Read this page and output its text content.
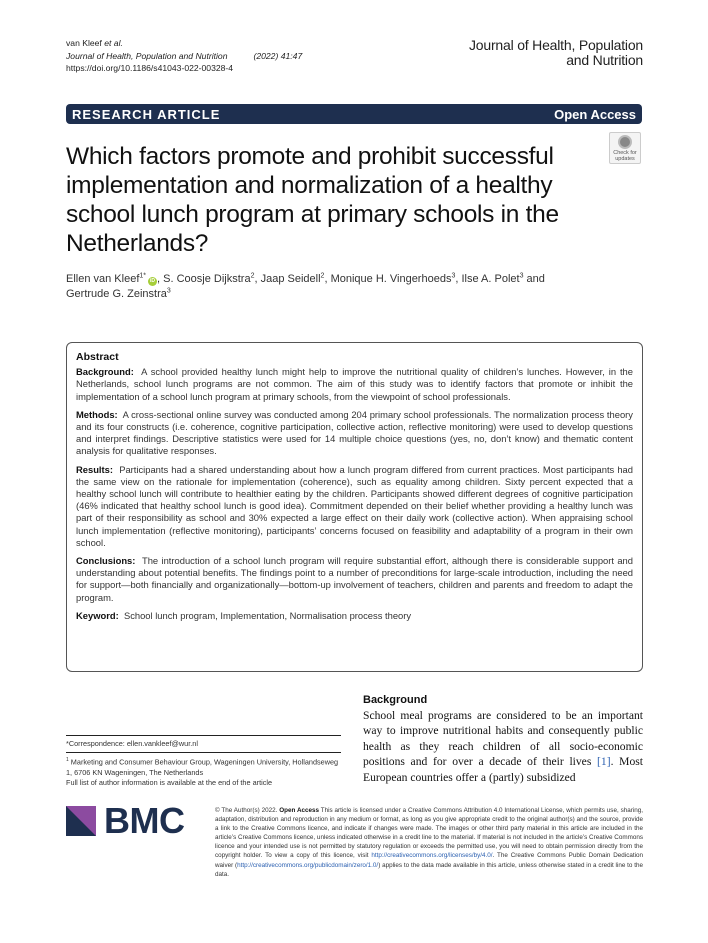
van Kleef et al.
Journal of Health, Population and Nutrition	(2022) 41:47
https://doi.org/10.1186/s41043-022-00328-4
Journal of Health, Population
and Nutrition
RESEARCH ARTICLE	Open Access
Which factors promote and prohibit successful implementation and normalization of a healthy school lunch program at primary schools in the Netherlands?
Check for
updates
Ellen van Kleef$^{1*}$iD , S. Coosje Dijkstra$^2$, Jaap Seidell$^2$, Monique H. Vingerhoeds$^3$, Ilse A. Polet$^3$ and
Gertrude G. Zeinstra$^3$
Abstract

Background: A school provided healthy lunch might help to improve the nutritional quality of children’s lunches. However, in the Netherlands, school lunch programs are not common. The aim of this study was to identify factors that promote or inhibit the implementation of a school lunch program at primary schools, from the viewpoint of school professionals.

Methods: A cross-sectional online survey was conducted among 204 primary school professionals. The normalization process theory and its four constructs (i.e. coherence, cognitive participation, collective action, reflective monitoring) were used to develop questions and interpret findings. Descriptive statistics were used for 14 multiple choice questions (yes, no, don’t know) and thematic content analysis for qualitative responses.

Results: Participants had a shared understanding about how a lunch program differed from current practices. Most participants had the same view on the rationale for implementation (coherence), such as equality among children. Sixty percent expected that a healthy school lunch will contribute to healthier eating by the children. Participants showed different degrees of cognitive participation (46% indicated that healthy school lunch is good idea). Commitment depended on their belief whether providing a healthy lunch was part of their responsibility as school and 30% expected a large effect on their daily work (collective action). When appraising school lunch implementation (reflective monitoring), participants’ concerns focused on feasibility and adaptability of a program in their own school.

Conclusions: The introduction of a school lunch program will require substantial effort, although there is considerable support and understanding about potential benefits. The findings point to a number of preconditions for large-scale introduction, including the need for support—both financially and organizationally—bottom-up involvement of teachers, children and parents and freedom to adapt the program.

Keyword: School lunch program, Implementation, Normalisation process theory

Background

School meal programs are considered to be an important way to improve nutritional habits and consequently public health as they reach children of all socio-economic positions and for over a decade of their lives [1]. Most European countries offer a (partly) subsidized

*Correspondence: ellen.vankleef@wur.nl
$^1$ Marketing and Consumer Behaviour Group, Wageningen University, Hollandseweg 1, 6706 KN Wageningen, The Netherlands
Full list of author information is available at the end of the article
BMC	© The Author(s) 2022. Open Access This article is licensed under a Creative Commons Attribution 4.0 International License, which permits use, sharing, adaptation, distribution and reproduction in any medium or format, as long as you give appropriate credit to the original author(s) and the source, provide a link to the Creative Commons licence, and indicate if changes were made. The images or other third party material in this article are included in the article’s Creative Commons licence, unless indicated otherwise in a credit line to the material. If material is not included in the article’s Creative Commons licence and your intended use is not permitted by statutory regulation or exceeds the permitted use, you will need to obtain permission directly from the copyright holder. To view a copy of this licence, visit http://creativecommons.org/licenses/by/4.0/. The Creative Commons Public Domain Dedication waiver (http://creativecommons.org/publicdomain/zero/1.0/) applies to the data made available in this article, unless otherwise stated in a credit line to the data.
